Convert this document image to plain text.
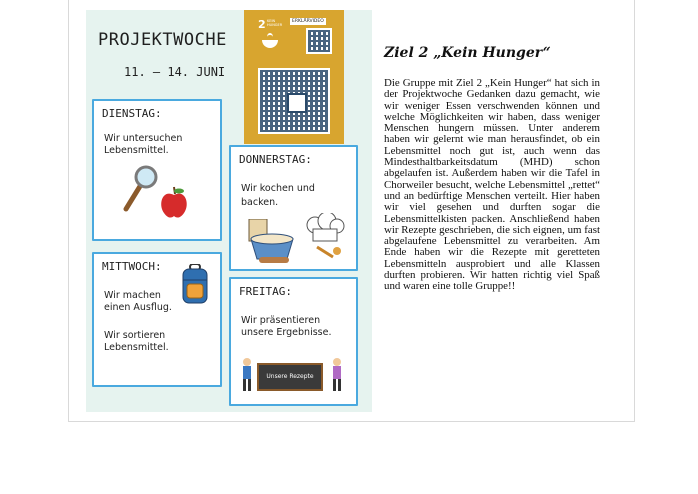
PROJEKTWOCHE
11. – 14. JUNI
2 KEIN HUNGER
ERKLÄRVIDEO
DIENSTAG:
Wir untersuchen
Lebensmittel.
DONNERSTAG:
Wir kochen und
backen.
MITTWOCH:
Wir machen
einen Ausflug.
Wir sortieren
Lebensmittel.
FREITAG:
Wir präsentieren
unsere Ergebnisse.
Unsere Rezepte
Ziel 2 „Kein Hunger“

Die Gruppe mit Ziel 2 „Kein Hunger“ hat sich in der Projektwoche Gedanken dazu gemacht, wie wir weniger Essen verschwenden können und welche Möglichkeiten wir haben, dass weniger Menschen hungern müssen. Unter anderem haben wir gelernt wie man herausfindet, ob ein Lebensmittel noch gut ist, auch wenn das Mindesthaltbarkeitsdatum (MHD) schon abgelaufen ist. Außerdem haben wir die Tafel in Chorweiler besucht, welche Lebensmittel „rettet“ und an bedürftige Menschen verteilt. Hier haben wir viel gesehen und durften sogar die Lebensmittelkisten packen. Anschließend haben wir Rezepte geschrieben, die sich eignen, um fast abgelaufene Lebensmittel zu verarbeiten. Am Ende haben wir die Rezepte mit geretteten Lebensmitteln ausprobiert und alle Klassen durften probieren. Wir hatten richtig viel Spaß und waren eine tolle Gruppe!!
